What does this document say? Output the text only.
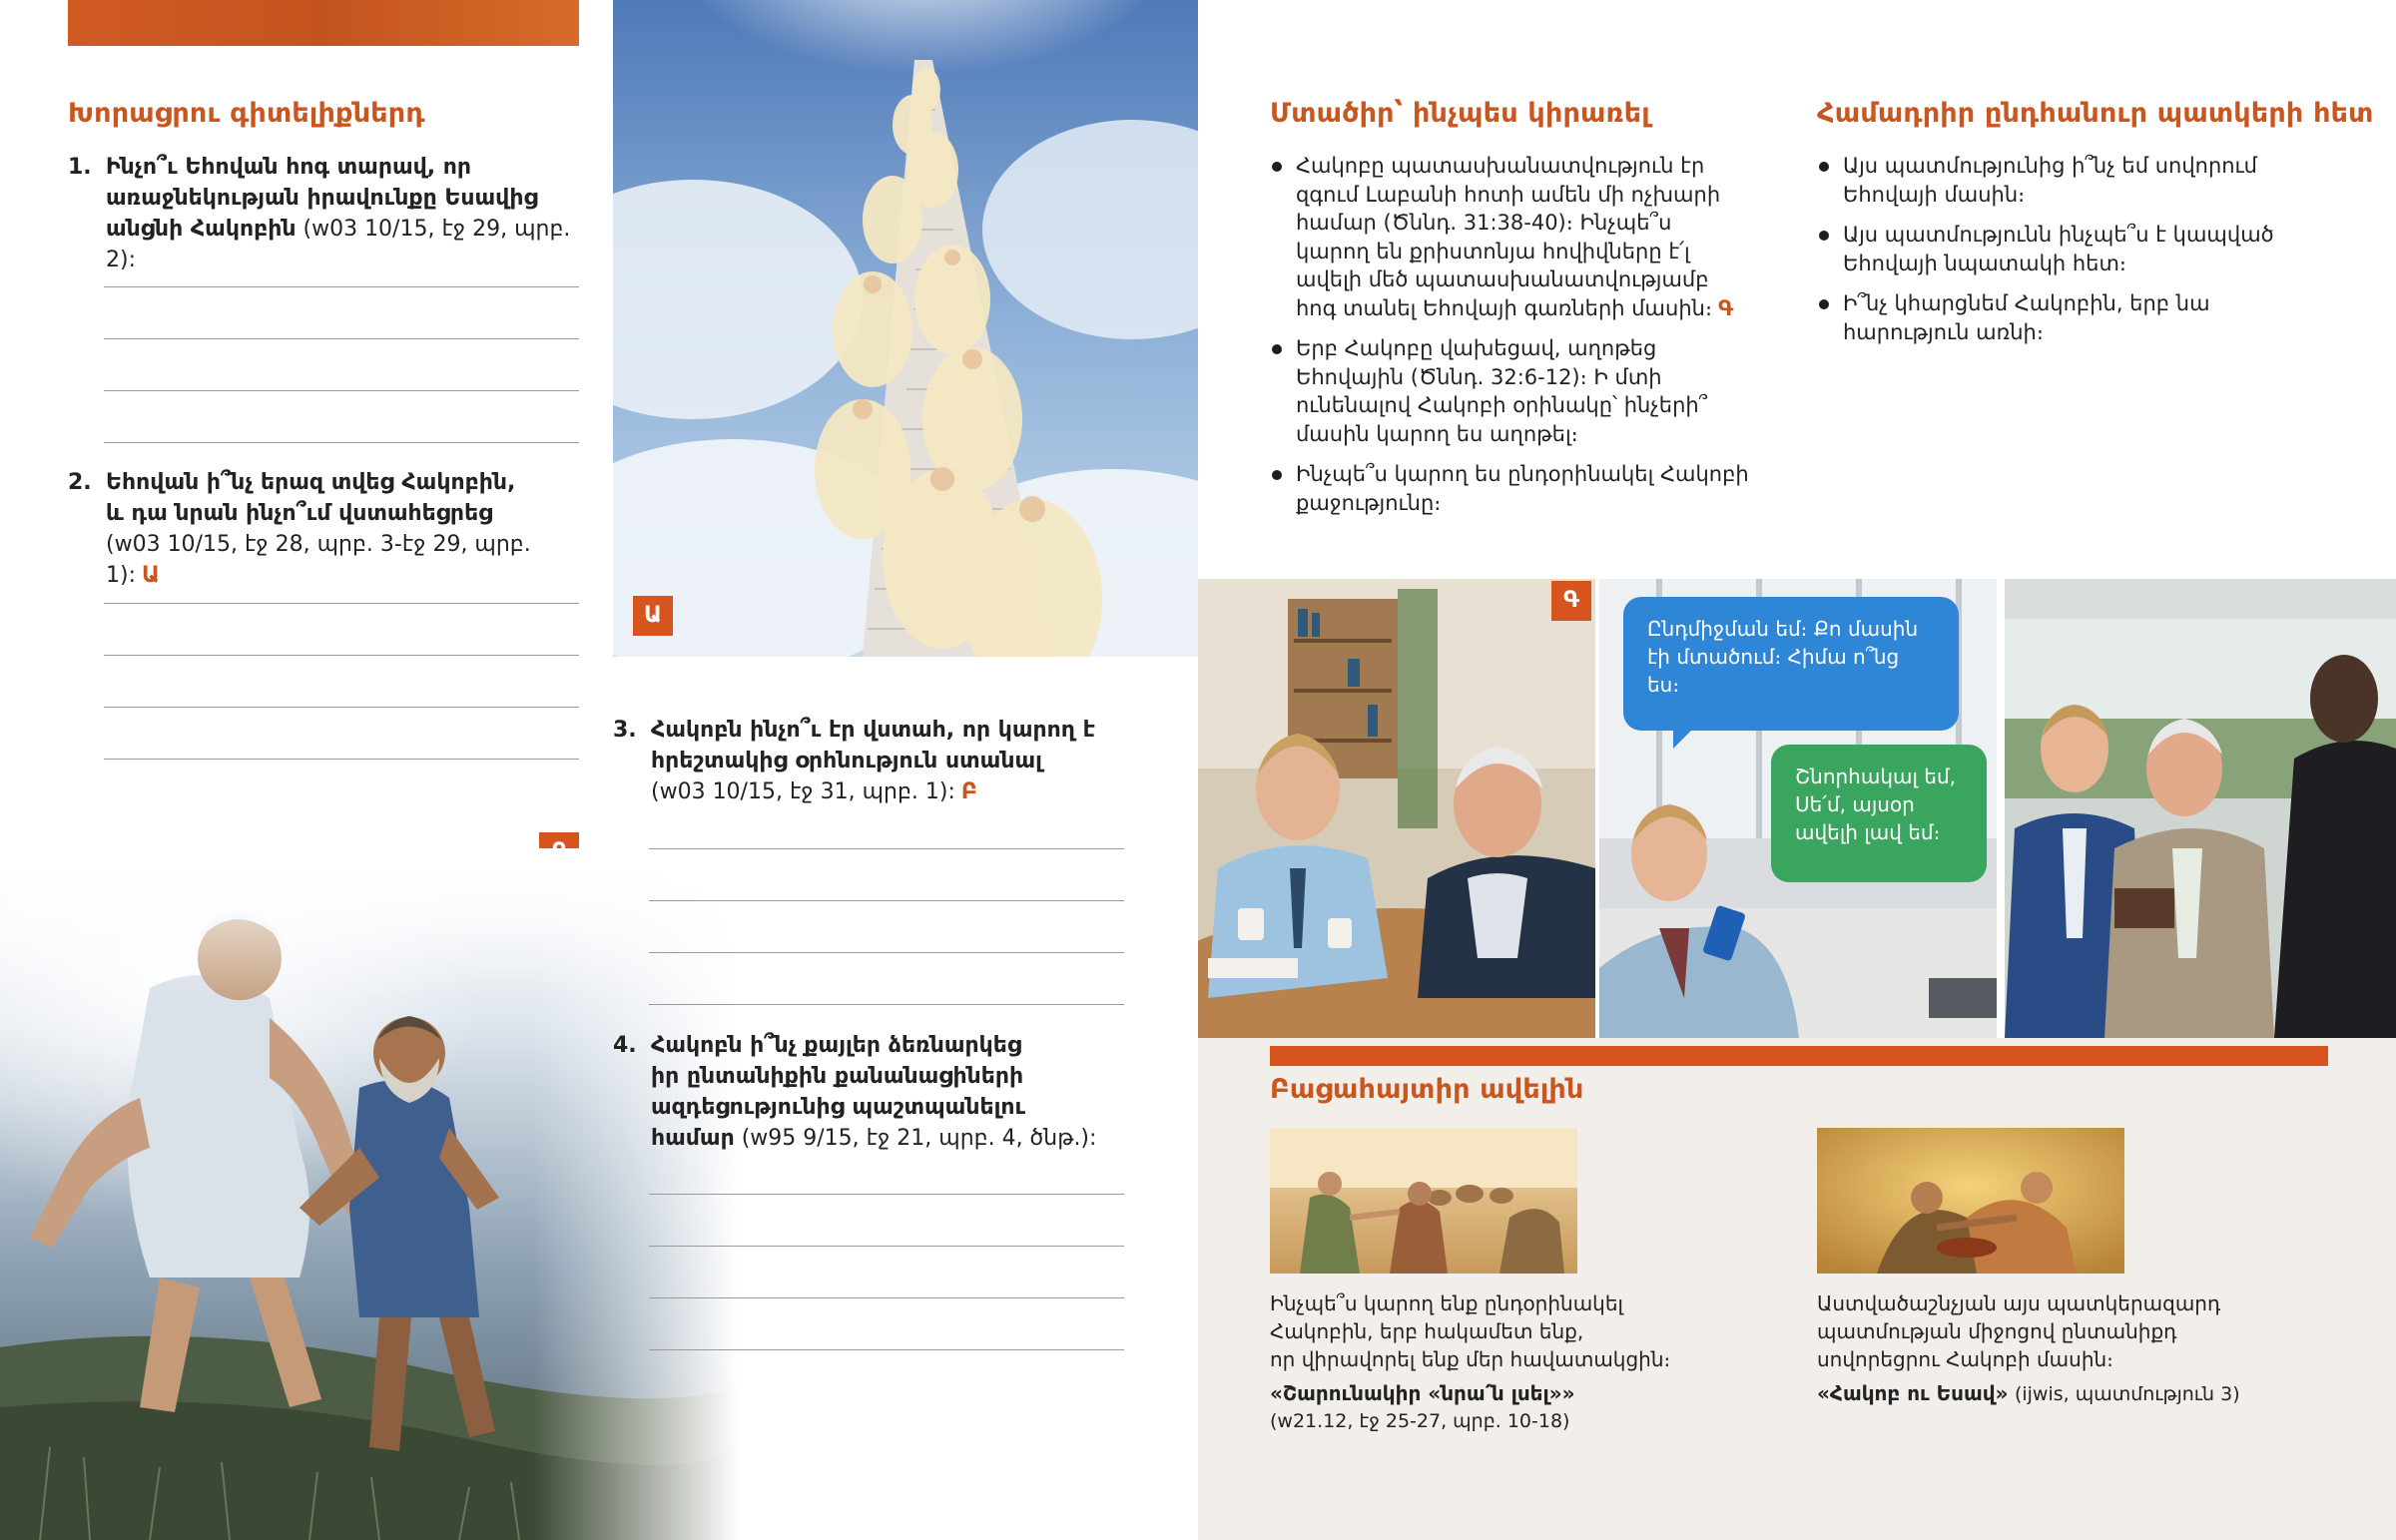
Խորացրու գիտելիքներդ
1. Ինչո՞ւ Եհովան հոգ տարավ, որ
առաջնեկության իրավունքը Եսավից
անցնի Հակոբին (w03 10/15, էջ 29, պրբ. 2):
2. Եհովան ի՞նչ երազ տվեց Հակոբին,
և դա նրան ինչո՞ւմ վստահեցրեց
(w03 10/15, էջ 28, պրբ. 3-էջ 29, պրբ. 1): Ա
Ա
3. Հակոբն ինչո՞ւ էր վստահ, որ կարող է
հրեշտակից օրհնություն ստանալ
(w03 10/15, էջ 31, պրբ. 1): Բ
4. Հակոբն ի՞նչ քայլեր ձեռնարկեց
իր ընտանիքին քանանացիների
ազդեցությունից պաշտպանելու
համար (w95 9/15, էջ 21, պրբ. 4, ծնթ.):
Մտածիր՝ ինչպես կիրառել
Հակոբը պատասխանատվություն էր զգում Լաբանի հոտի ամեն մի ոչխարի համար (Ծննդ. 31:38-40)։ Ինչպե՞ս կարող են քրիստոնյա հովիվները է՛լ ավելի մեծ պատասխանատվությամբ հոգ տանել Եհովայի գառների մասին։ Գ
Երբ Հակոբը վախեցավ, աղոթեց Եհովային (Ծննդ. 32:6-12)։ Ի մտի ունենալով Հակոբի օրինակը՝ ինչերի՞ մասին կարող ես աղոթել։
Ինչպե՞ս կարող ես ընդօրինակել Հակոբի քաջությունը։
Համադրիր ընդհանուր պատկերի հետ
Այս պատմությունից ի՞նչ եմ սովորում Եհովայի մասին։
Այս պատմությունն ինչպե՞ս է կապված Եհովայի նպատակի հետ։
Ի՞նչ կհարցնեմ Հակոբին, երբ նա հարություն առնի։
Գ
Ընդմիջման եմ։ Քո մասին էի մտածում։ Հիմա ո՞նց ես։
Շնորհակալ եմ, Սե՛մ, այսօր ավելի լավ եմ։
Բացահայտիր ավելին
Ինչպե՞ս կարող ենք ընդօրինակել
Հակոբին, երբ հակամետ ենք,
որ վիրավորել ենք մեր հավատակցին։
«Շարունակիր «նրա՛ն լսել»»
(w21.12, էջ 25-27, պրբ. 10-18)
Աստվածաշնչյան այս պատկերազարդ
պատմության միջոցով ընտանիքդ
սովորեցրու Հակոբի մասին։
«Հակոբ ու Եսավ» (ijwis, պատմություն 3)
